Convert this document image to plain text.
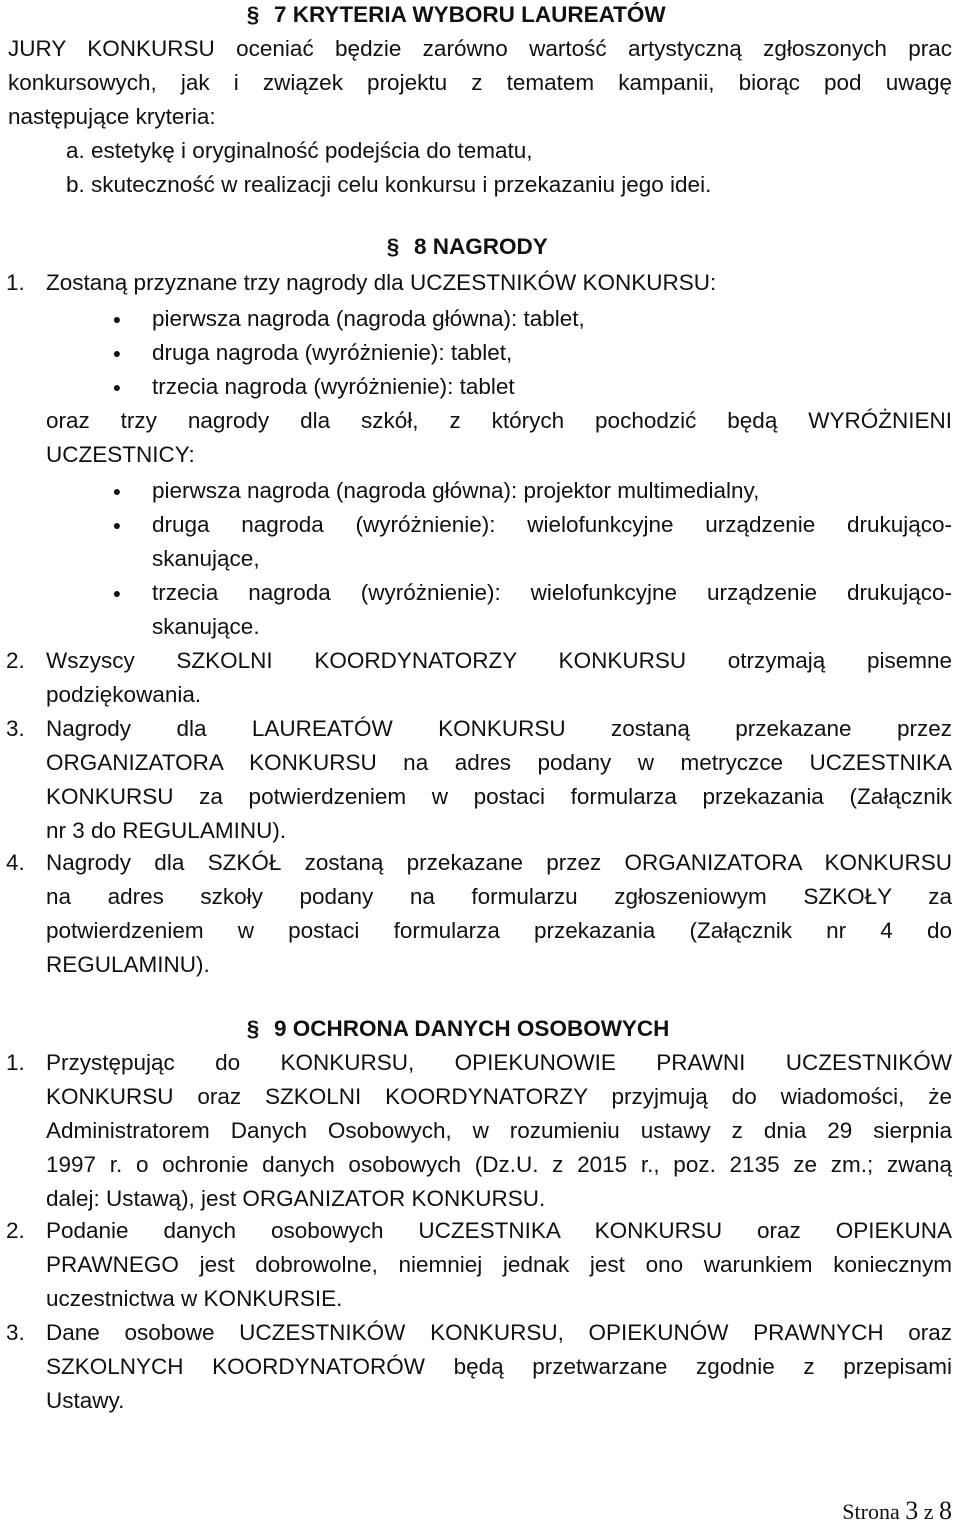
§ 7 KRYTERIA WYBORU LAUREATÓW
JURY KONKURSU oceniać będzie zarówno wartość artystyczną zgłoszonych prac
konkursowych, jak i związek projektu z tematem kampanii, biorąc pod uwagę
następujące kryteria:
a. estetykę i oryginalność podejścia do tematu,
b. skuteczność w realizacji celu konkursu i przekazaniu jego idei.
§ 8 NAGRODY
1. Zostaną przyznane trzy nagrody dla UCZESTNIKÓW KONKURSU:
● pierwsza nagroda (nagroda główna): tablet,
● druga nagroda (wyróżnienie): tablet,
● trzecia nagroda (wyróżnienie): tablet
oraz trzy nagrody dla szkół, z których pochodzić będą WYRÓŻNIENI
UCZESTNICY:
● pierwsza nagroda (nagroda główna): projektor multimedialny,
● druga nagroda (wyróżnienie): wielofunkcyjne urządzenie drukująco-
skanujące,
● trzecia nagroda (wyróżnienie): wielofunkcyjne urządzenie drukująco-
skanujące.
2. Wszyscy SZKOLNI KOORDYNATORZY KONKURSU otrzymają pisemne
podziękowania.
3. Nagrody dla LAUREATÓW KONKURSU zostaną przekazane przez
ORGANIZATORA KONKURSU na adres podany w metryczce UCZESTNIKA
KONKURSU za potwierdzeniem w postaci formularza przekazania (Załącznik
nr 3 do REGULAMINU).
4. Nagrody dla SZKÓŁ zostaną przekazane przez ORGANIZATORA KONKURSU
na adres szkoły podany na formularzu zgłoszeniowym SZKOŁY za
potwierdzeniem w postaci formularza przekazania (Załącznik nr 4 do
REGULAMINU).
§ 9 OCHRONA DANYCH OSOBOWYCH
1. Przystępując do KONKURSU, OPIEKUNOWIE PRAWNI UCZESTNIKÓW
KONKURSU oraz SZKOLNI KOORDYNATORZY przyjmują do wiadomości, że
Administratorem Danych Osobowych, w rozumieniu ustawy z dnia 29 sierpnia
1997 r. o ochronie danych osobowych (Dz.U. z 2015 r., poz. 2135 ze zm.; zwaną
dalej: Ustawą), jest ORGANIZATOR KONKURSU.
2. Podanie danych osobowych UCZESTNIKA KONKURSU oraz OPIEKUNA
PRAWNEGO jest dobrowolne, niemniej jednak jest ono warunkiem koniecznym
uczestnictwa w KONKURSIE.
3. Dane osobowe UCZESTNIKÓW KONKURSU, OPIEKUNÓW PRAWNYCH oraz
SZKOLNYCH KOORDYNATORÓW będą przetwarzane zgodnie z przepisami
Ustawy.
Strona 3 z 8
